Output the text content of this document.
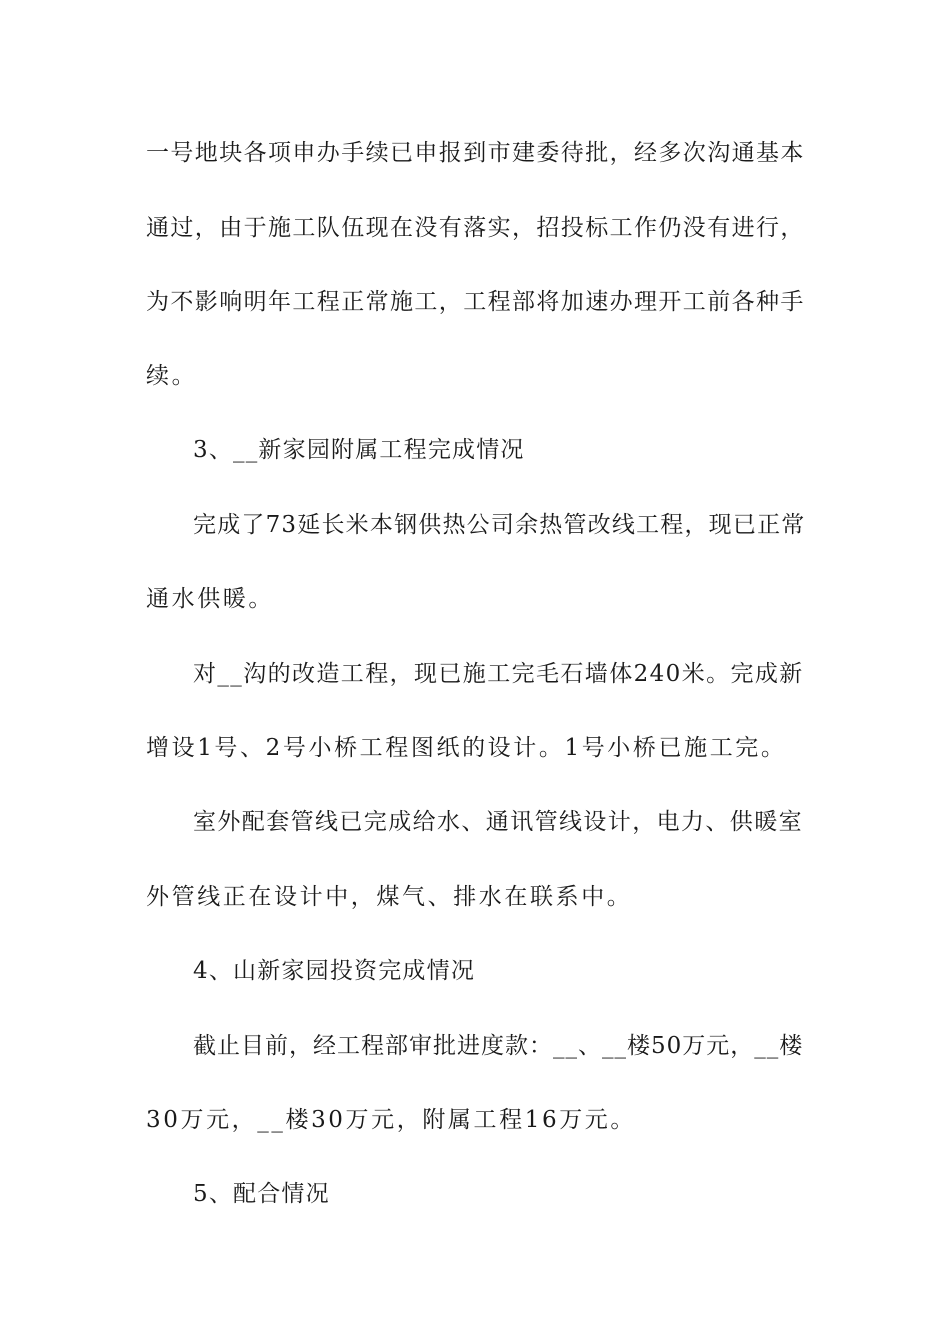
一号地块各项申办手续已申报到市建委待批，经多次沟通基本
通过，由于施工队伍现在没有落实，招投标工作仍没有进行，
为不影响明年工程正常施工，工程部将加速办理开工前各种手
续。
3、__新家园附属工程完成情况
完成了73延长米本钢供热公司余热管改线工程，现已正常
通水供暖。
对__沟的改造工程，现已施工完毛石墙体240米。完成新
增设1号、2号小桥工程图纸的设计。1号小桥已施工完。
室外配套管线已完成给水、通讯管线设计，电力、供暖室
外管线正在设计中，煤气、排水在联系中。
4、山新家园投资完成情况
截止目前，经工程部审批进度款：__、__楼50万元，__楼
30万元，__楼30万元，附属工程16万元。
5、配合情况
